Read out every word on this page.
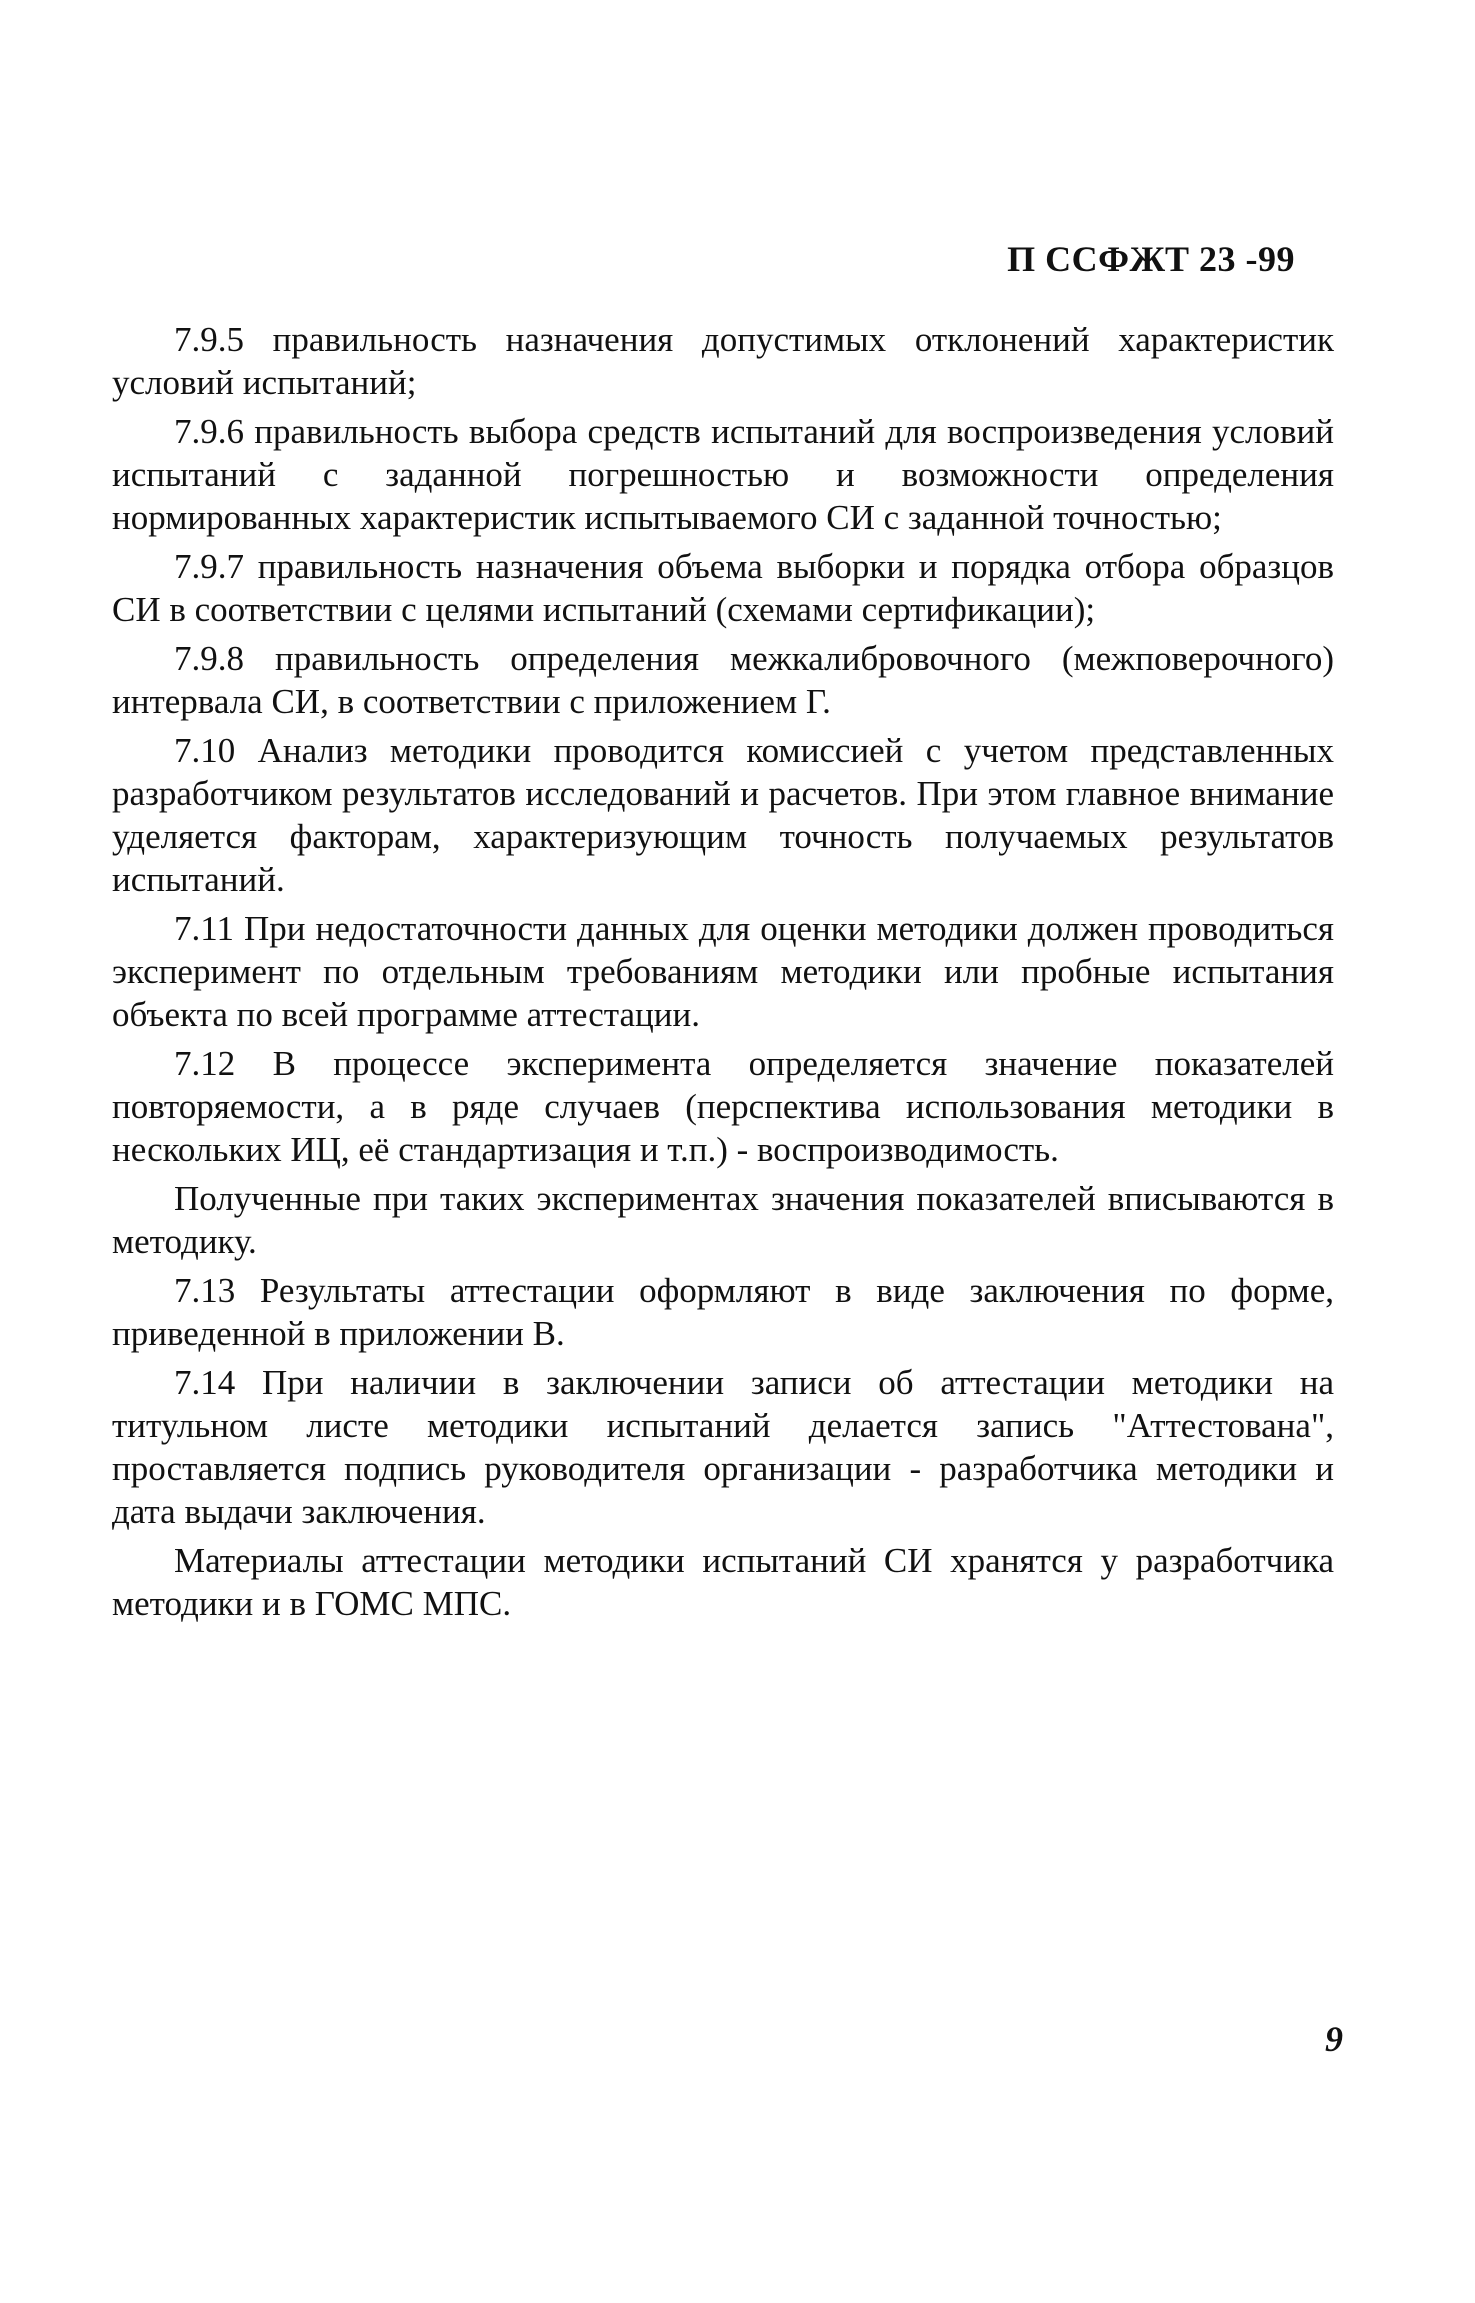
П ССФЖТ 23 -99

7.9.5 правильность назначения допустимых отклонений характеристик условий испытаний;

7.9.6 правильность выбора средств испытаний для воспроизведения условий испытаний с заданной погрешностью и возможности определения нормированных характеристик испытываемого СИ с заданной точностью;

7.9.7 правильность назначения объема выборки и порядка отбора образцов СИ в соответствии с целями испытаний (схемами сертификации);

7.9.8 правильность определения межкалибровочного (межповерочного) интервала СИ, в соответствии с приложением Г.

7.10 Анализ методики проводится комиссией с учетом представленных разработчиком результатов исследований и расчетов. При этом главное внимание уделяется факторам, характеризующим точность получаемых результатов испытаний.

7.11 При недостаточности данных для оценки методики должен проводиться эксперимент по отдельным требованиям методики или пробные испытания объекта по всей программе аттестации.

7.12 В процессе эксперимента определяется значение показателей повторяемости, а в ряде случаев (перспектива использования методики в нескольких ИЦ, её стандартизация и т.п.) - воспроизводимость.

Полученные при таких экспериментах значения показателей вписываются в методику.

7.13 Результаты аттестации оформляют в виде заключения по форме, приведенной в приложении В.

7.14 При наличии в заключении записи об аттестации методики на титульном листе методики испытаний делается запись "Аттестована", проставляется подпись руководителя организации - разработчика методики и дата выдачи заключения.

Материалы аттестации методики испытаний СИ хранятся у разработчика методики и в ГОМС МПС.

9
